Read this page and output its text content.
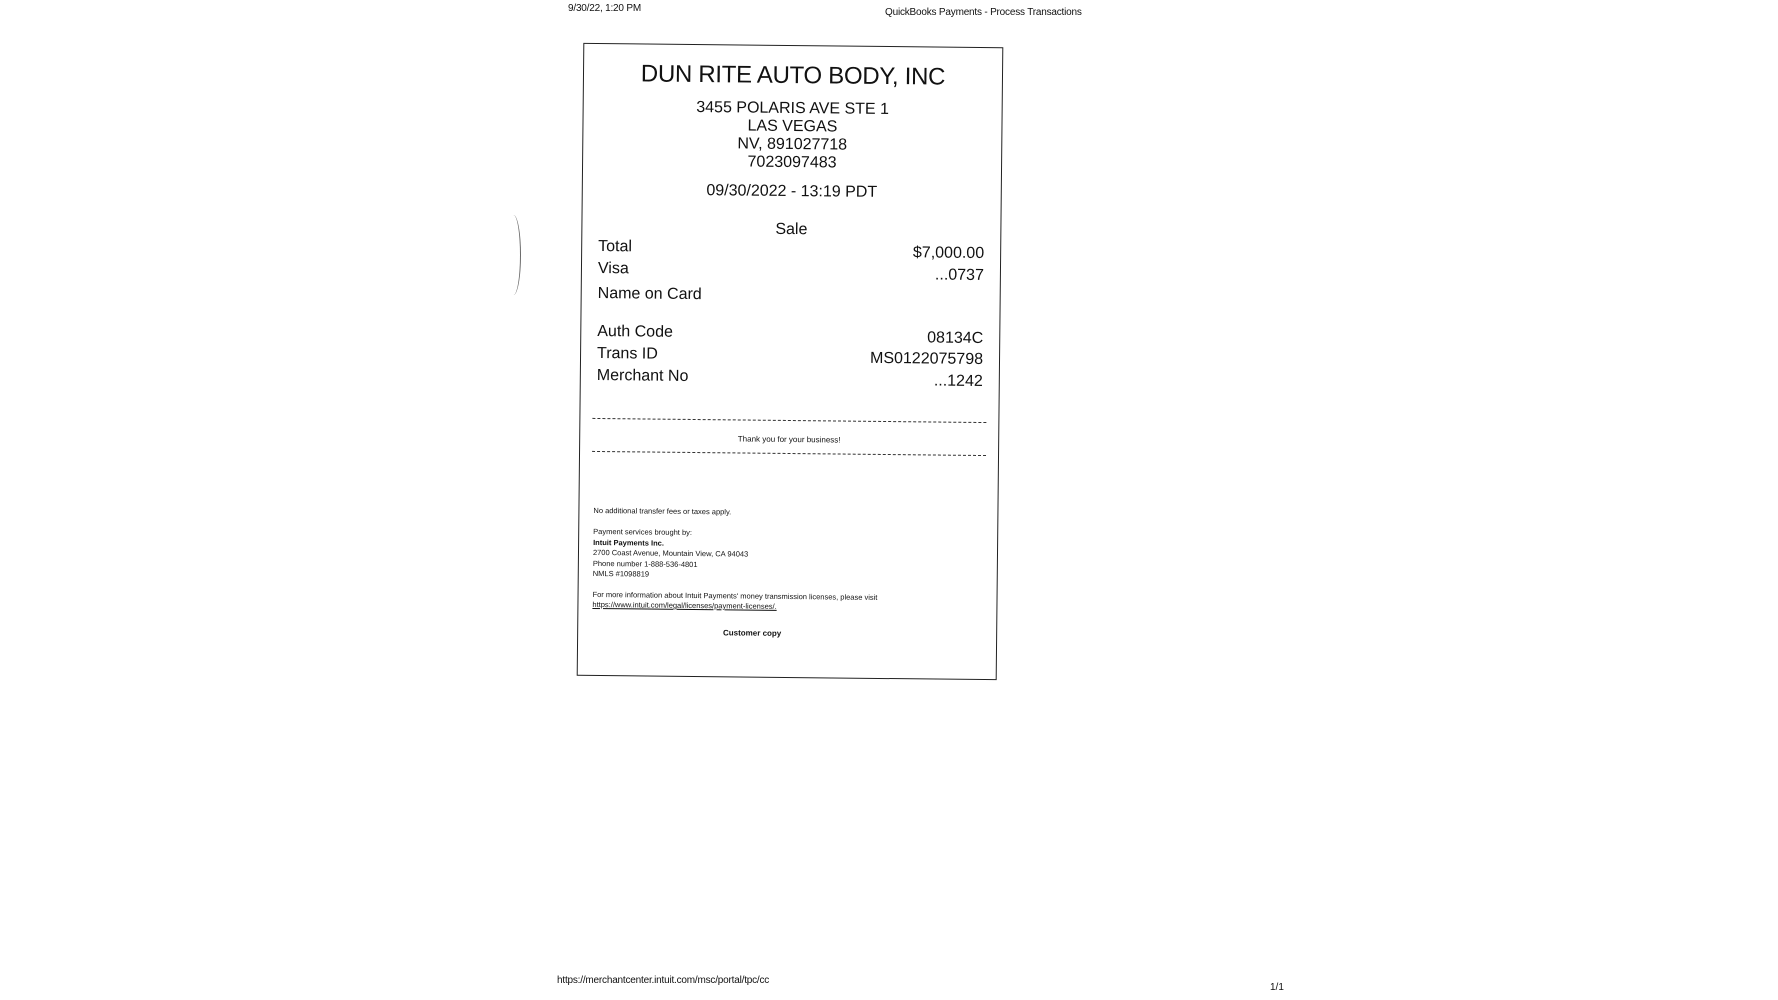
9/30/22, 1:20 PM	QuickBooks Payments - Process Transactions
DUN RITE AUTO BODY, INC
3455 POLARIS AVE STE 1
LAS VEGAS
NV, 891027718
7023097483
09/30/2022 - 13:19 PDT
Sale
Total	$7,000.00
Visa	...0737
Name on Card
Auth Code	08134C
Trans ID	MS0122075798
Merchant No	...1242
Thank you for your business!
No additional transfer fees or taxes apply.
Payment services brought by:
Intuit Payments Inc.
2700 Coast Avenue, Mountain View, CA 94043
Phone number 1-888-536-4801
NMLS #1098819
For more information about Intuit Payments' money transmission licenses, please visit
https://www.intuit.com/legal/licenses/payment-licenses/.
Customer copy
https://merchantcenter.intuit.com/msc/portal/tpc/cc
1/1
